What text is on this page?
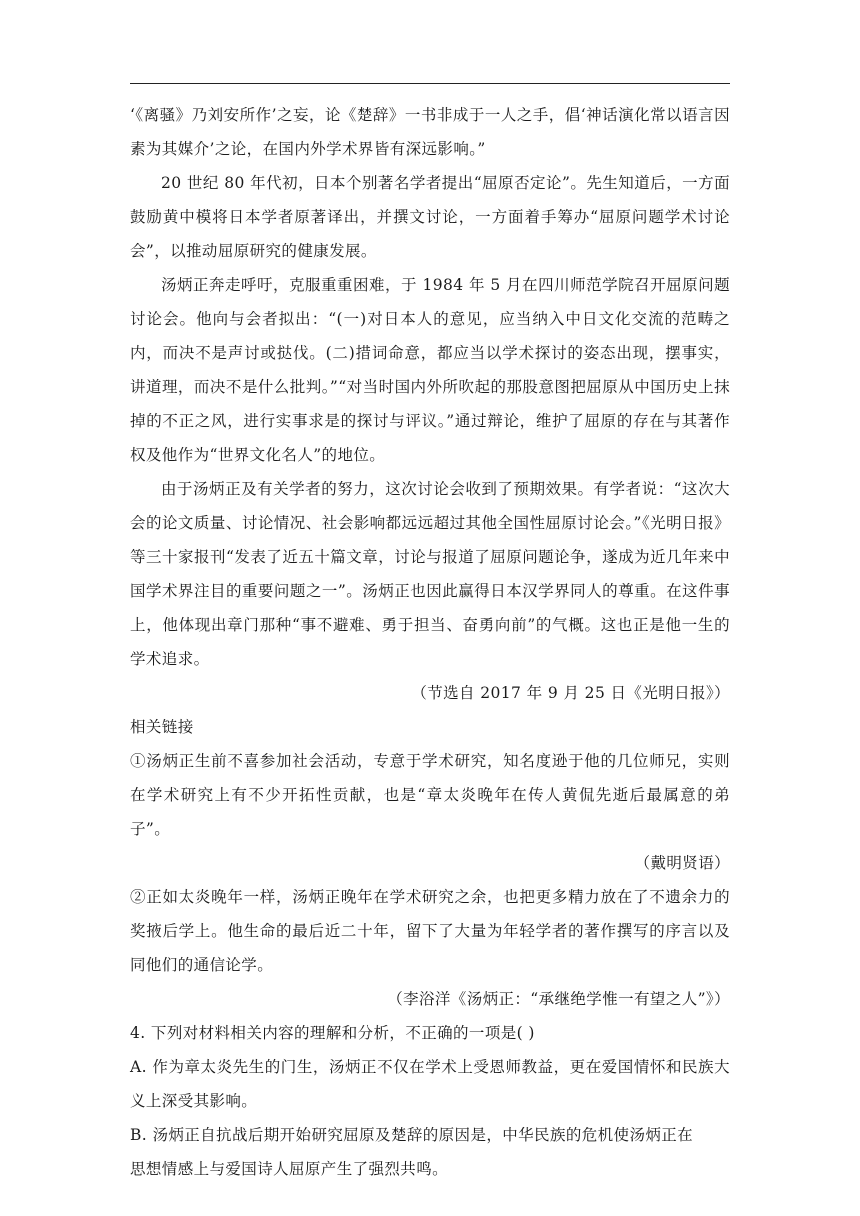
‘《离骚》乃刘安所作’之妄，论《楚辞》一书非成于一人之手，倡‘神话演化常以语言因素为其媒介’之论，在国内外学术界皆有深远影响。”

20 世纪 80 年代初，日本个别著名学者提出“屈原否定论”。先生知道后，一方面鼓励黄中模将日本学者原著译出，并撰文讨论，一方面着手筹办“屈原问题学术讨论会”，以推动屈原研究的健康发展。

汤炳正奔走呼吁，克服重重困难，于 1984 年 5 月在四川师范学院召开屈原问题讨论会。他向与会者拟出：“(一)对日本人的意见，应当纳入中日文化交流的范畴之内，而决不是声讨或挞伐。(二)措词命意，都应当以学术探讨的姿态出现，摆事实，讲道理，而决不是什么批判。”“对当时国内外所吹起的那股意图把屈原从中国历史上抹掉的不正之风，进行实事求是的探讨与评议。”通过辩论，维护了屈原的存在与其著作权及他作为“世界文化名人”的地位。

由于汤炳正及有关学者的努力，这次讨论会收到了预期效果。有学者说：“这次大会的论文质量、讨论情况、社会影响都远远超过其他全国性屈原讨论会。”《光明日报》等三十家报刊“发表了近五十篇文章，讨论与报道了屈原问题论争，遂成为近几年来中国学术界注目的重要问题之一”。汤炳正也因此赢得日本汉学界同人的尊重。在这件事上，他体现出章门那种“事不避难、勇于担当、奋勇向前”的气概。这也正是他一生的学术追求。

（节选自 2017 年 9 月 25 日《光明日报》）

相关链接

①汤炳正生前不喜参加社会活动，专意于学术研究，知名度逊于他的几位师兄，实则在学术研究上有不少开拓性贡献，也是“章太炎晚年在传人黄侃先逝后最属意的弟子”。

（戴明贤语）

②正如太炎晚年一样，汤炳正晚年在学术研究之余，也把更多精力放在了不遗余力的奖掖后学上。他生命的最后近二十年，留下了大量为年轻学者的著作撰写的序言以及同他们的通信论学。

（李浴洋《汤炳正：“承继绝学惟一有望之人”》）

4. 下列对材料相关内容的理解和分析，不正确的一项是( )

A. 作为章太炎先生的门生，汤炳正不仅在学术上受恩师教益，更在爱国情怀和民族大义上深受其影响。

B. 汤炳正自抗战后期开始研究屈原及楚辞的原因是，中华民族的危机使汤炳正在

思想情感上与爱国诗人屈原产生了强烈共鸣。
